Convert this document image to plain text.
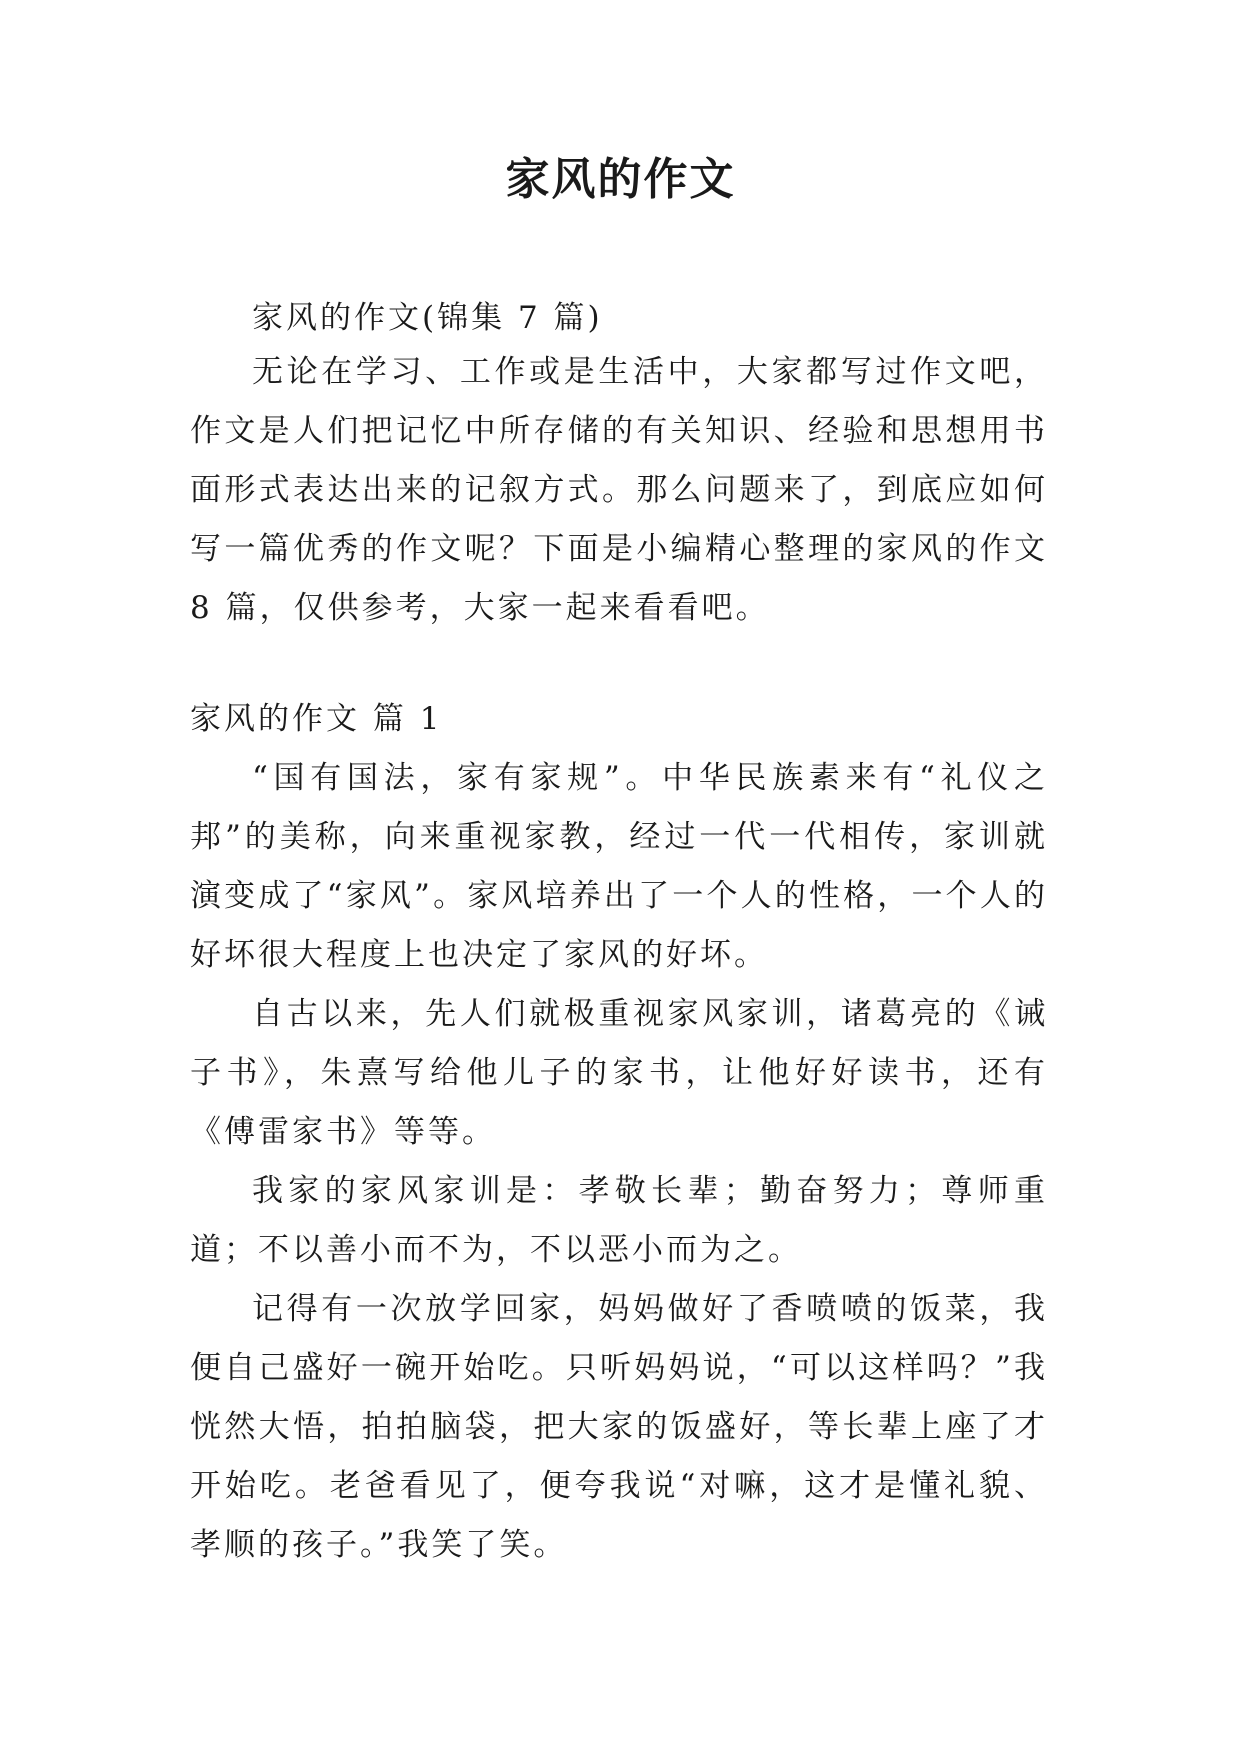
家风的作文

家风的作文(锦集 7 篇)

无论在学习、工作或是生活中，大家都写过作文吧，作文是人们把记忆中所存储的有关知识、经验和思想用书面形式表达出来的记叙方式。那么问题来了，到底应如何写一篇优秀的作文呢？下面是小编精心整理的家风的作文 8 篇，仅供参考，大家一起来看看吧。

家风的作文 篇 1

“国有国法，家有家规”。中华民族素来有“礼仪之邦”的美称，向来重视家教，经过一代一代相传，家训就演变成了“家风”。家风培养出了一个人的性格，一个人的好坏很大程度上也决定了家风的好坏。

自古以来，先人们就极重视家风家训，诸葛亮的《诫子书》，朱熹写给他儿子的家书，让他好好读书，还有《傅雷家书》等等。

我家的家风家训是：孝敬长辈；勤奋努力；尊师重道；不以善小而不为，不以恶小而为之。

记得有一次放学回家，妈妈做好了香喷喷的饭菜，我便自己盛好一碗开始吃。只听妈妈说，“可以这样吗？”我恍然大悟，拍拍脑袋，把大家的饭盛好，等长辈上座了才开始吃。老爸看见了，便夸我说“对嘛，这才是懂礼貌、孝顺的孩子。”我笑了笑。
